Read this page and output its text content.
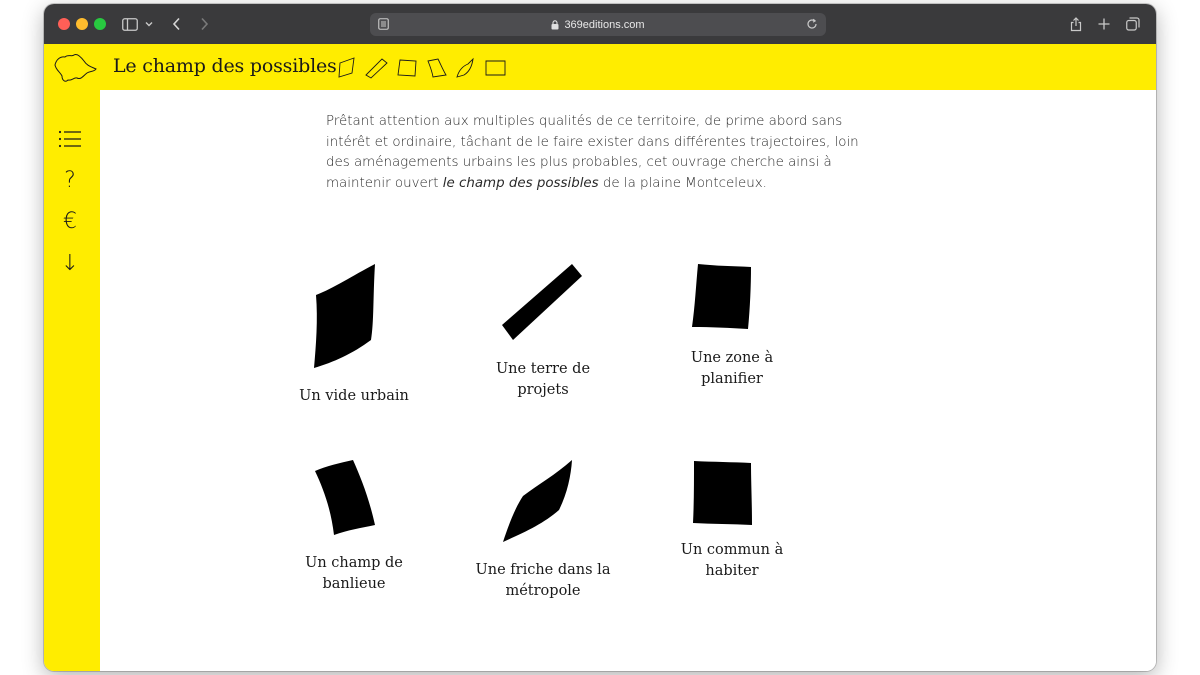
369editions.com
Le champ des possibles
?
€
↓

Prêtant attention aux multiples qualités de ce territoire, de prime abord sans intérêt et ordinaire, tâchant de le faire exister dans différentes trajectoires, loin des aménagements urbains les plus probables, cet ouvrage cherche ainsi à maintenir ouvert le champ des possibles de la plaine Montceleux.

Un vide urbain
Une terre de
projets
Une zone à
planifier
Un champ de
banlieue
Une friche dans la
métropole
Un commun à
habiter
